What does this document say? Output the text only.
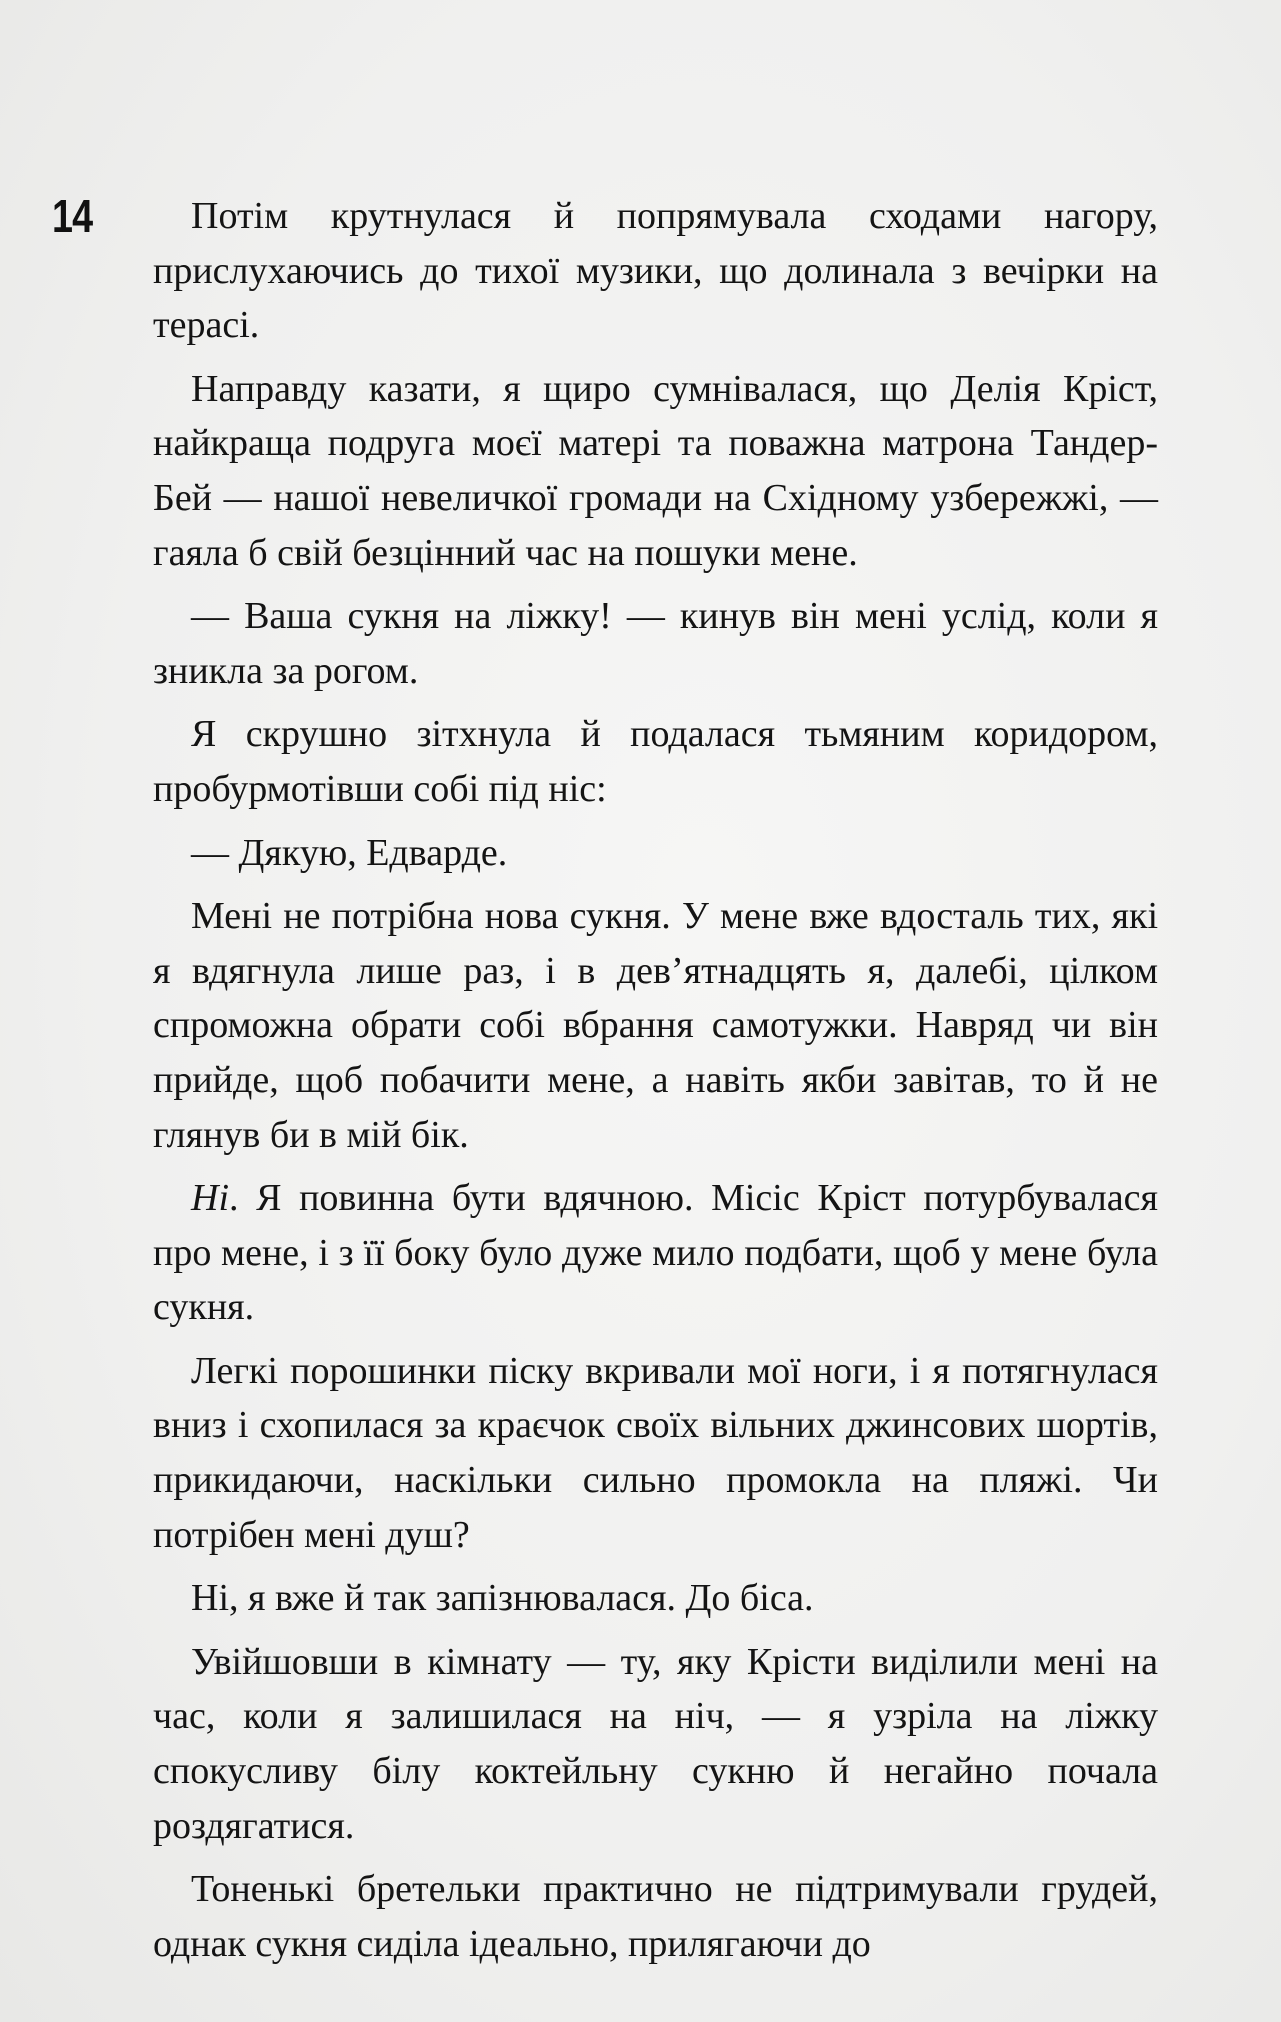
14	Потім крутнулася й попрямувала сходами нагору, прислухаючись до тихої музики, що долинала з вечірки на терасі.

Направду казати, я щиро сумнівалася, що Делія Кріст, найкраща подруга моєї матері та поважна матрона Тандер-Бей — нашої невеличкої громади на Східному узбережжі, — гаяла б свій безцінний час на пошуки мене.

— Ваша сукня на ліжку! — кинув він мені услід, коли я зникла за рогом.

Я скрушно зітхнула й подалася тьмяним коридором, пробурмотівши собі під ніс:

— Дякую, Едварде.

Мені не потрібна нова сукня. У мене вже вдосталь тих, які я вдягнула лише раз, і в дев’ятнадцять я, далебі, цілком спроможна обрати собі вбрання самотужки. Навряд чи він прийде, щоб побачити мене, а навіть якби завітав, то й не глянув би в мій бік.

Ні. Я повинна бути вдячною. Місіс Кріст потурбувалася про мене, і з її боку було дуже мило подбати, щоб у мене була сукня.

Легкі порошинки піску вкривали мої ноги, і я потягнулася вниз і схопилася за краєчок своїх вільних джинсових шортів, прикидаючи, наскільки сильно промокла на пляжі. Чи потрібен мені душ?

Ні, я вже й так запізнювалася. До біса.

Увійшовши в кімнату — ту, яку Крісти виділили мені на час, коли я залишилася на ніч, — я узріла на ліжку спокусливу білу коктейльну сукню й негайно почала роздягатися.

Тоненькі бретельки практично не підтримували грудей, однак сукня сиділа ідеально, прилягаючи до
